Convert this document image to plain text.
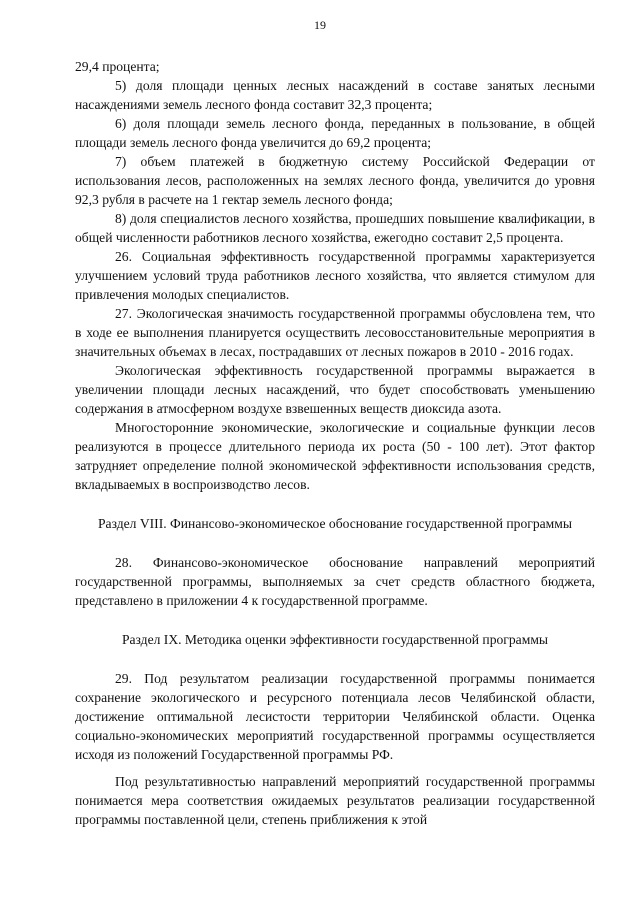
19

29,4 процента;

5) доля площади ценных лесных насаждений в составе занятых лесными насаждениями земель лесного фонда составит 32,3 процента;

6) доля площади земель лесного фонда, переданных в пользование, в общей площади земель лесного фонда увеличится до 69,2 процента;

7) объем платежей в бюджетную систему Российской Федерации от использования лесов, расположенных на землях лесного фонда, увеличится до уровня 92,3 рубля в расчете на 1 гектар земель лесного фонда;

8) доля специалистов лесного хозяйства, прошедших повышение квалификации, в общей численности работников лесного хозяйства, ежегодно составит 2,5 процента.

26. Социальная эффективность государственной программы характеризуется улучшением условий труда работников лесного хозяйства, что является стимулом для привлечения молодых специалистов.

27. Экологическая значимость государственной программы обусловлена тем, что в ходе ее выполнения планируется осуществить лесовосстановительные мероприятия в значительных объемах в лесах, пострадавших от лесных пожаров в 2010 - 2016 годах.

Экологическая эффективность государственной программы выражается в увеличении площади лесных насаждений, что будет способствовать уменьшению содержания в атмосферном воздухе взвешенных веществ диоксида азота.

Многосторонние экономические, экологические и социальные функции лесов реализуются в процессе длительного периода их роста (50 - 100 лет). Этот фактор затрудняет определение полной экономической эффективности использования средств, вкладываемых в воспроизводство лесов.

Раздел VIII. Финансово-экономическое обоснование государственной программы

28. Финансово-экономическое обоснование направлений мероприятий государственной программы, выполняемых за счет средств областного бюджета, представлено в приложении 4 к государственной программе.

Раздел IX. Методика оценки эффективности государственной программы

29. Под результатом реализации государственной программы понимается сохранение экологического и ресурсного потенциала лесов Челябинской области, достижение оптимальной лесистости территории Челябинской области. Оценка социально-экономических мероприятий государственной программы осуществляется исходя из положений Государственной программы РФ.

Под результативностью направлений мероприятий государственной программы понимается мера соответствия ожидаемых результатов реализации государственной программы поставленной цели, степень приближения к этой
